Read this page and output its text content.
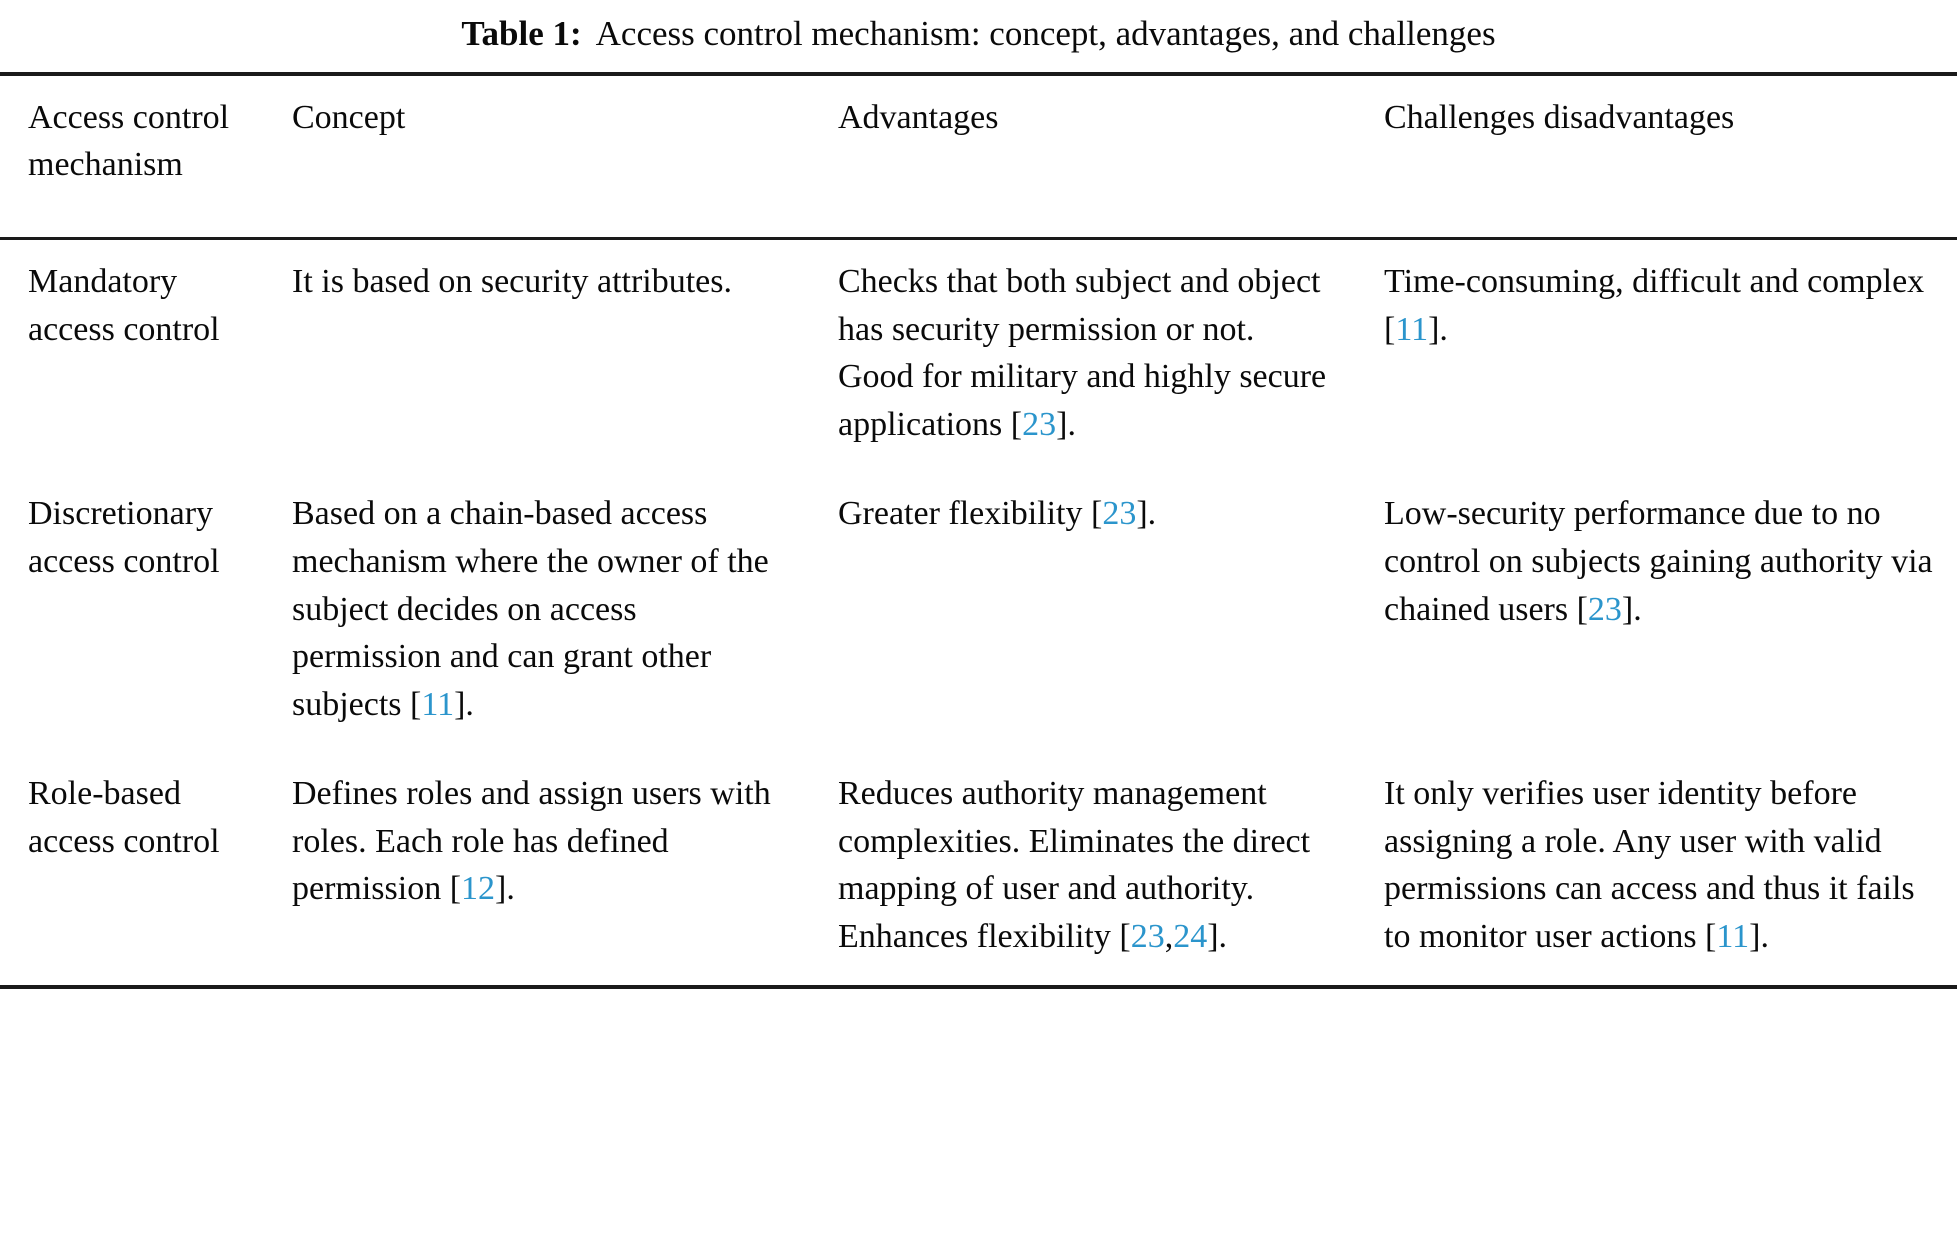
Table 1: Access control mechanism: concept, advantages, and challenges
Access control mechanism	Concept	Advantages	Challenges disadvantages
Mandatory access control	It is based on security attributes.	Checks that both subject and object has security permission or not. Good for military and highly secure applications [23].	Time-consuming, difficult and complex [11].
Discretionary access control	Based on a chain-based access mechanism where the owner of the subject decides on access permission and can grant other subjects [11].	Greater flexibility [23].	Low-security performance due to no control on subjects gaining authority via chained users [23].
Role-based access control	Defines roles and assign users with roles. Each role has defined permission [12].	Reduces authority management complexities. Eliminates the direct mapping of user and authority. Enhances flexibility [23,24].	It only verifies user identity before assigning a role. Any user with valid permissions can access and thus it fails to monitor user actions [11].
